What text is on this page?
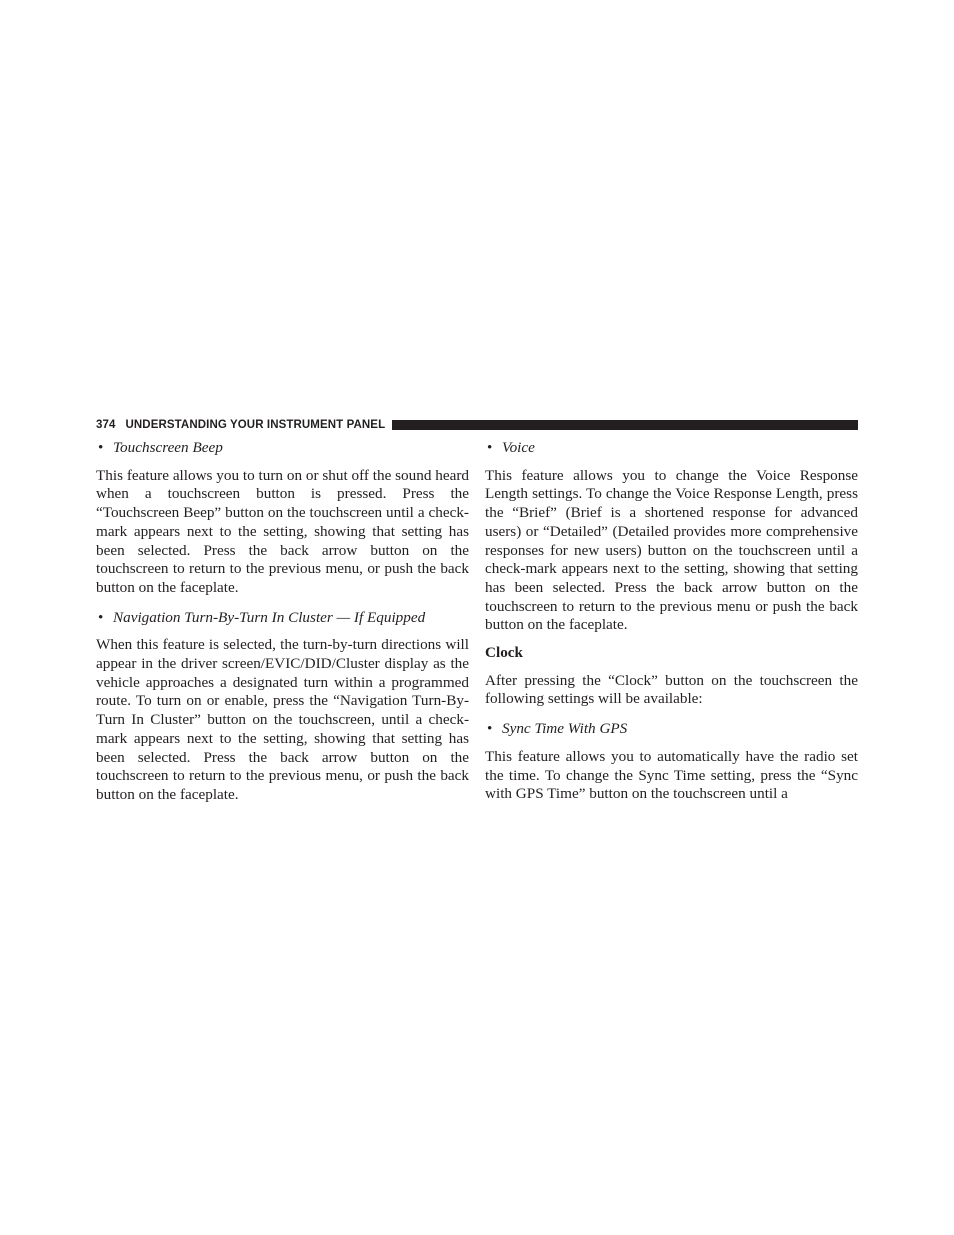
374 UNDERSTANDING YOUR INSTRUMENT PANEL
• Touchscreen Beep

This feature allows you to turn on or shut off the sound heard when a touchscreen button is pressed. Press the “Touchscreen Beep” button on the touchscreen until a check-mark appears next to the setting, showing that setting has been selected. Press the back arrow button on the touchscreen to return to the previous menu, or push the back button on the faceplate.

• Navigation Turn-By-Turn In Cluster — If Equipped

When this feature is selected, the turn-by-turn directions will appear in the driver screen/EVIC/DID/Cluster display as the vehicle approaches a designated turn within a programmed route. To turn on or enable, press the “Navigation Turn-By-Turn In Cluster” button on the touchscreen, until a check-mark appears next to the setting, showing that setting has been selected. Press the back arrow button on the touchscreen to return to the previous menu, or push the back button on the faceplate.

• Voice

This feature allows you to change the Voice Response Length settings. To change the Voice Response Length, press the “Brief” (Brief is a shortened response for advanced users) or “Detailed” (Detailed provides more comprehensive responses for new users) button on the touchscreen until a check-mark appears next to the setting, showing that setting has been selected. Press the back arrow button on the touchscreen to return to the previous menu or push the back button on the faceplate.

Clock

After pressing the “Clock” button on the touchscreen the following settings will be available:

• Sync Time With GPS

This feature allows you to automatically have the radio set the time. To change the Sync Time setting, press the “Sync with GPS Time” button on the touchscreen until a
